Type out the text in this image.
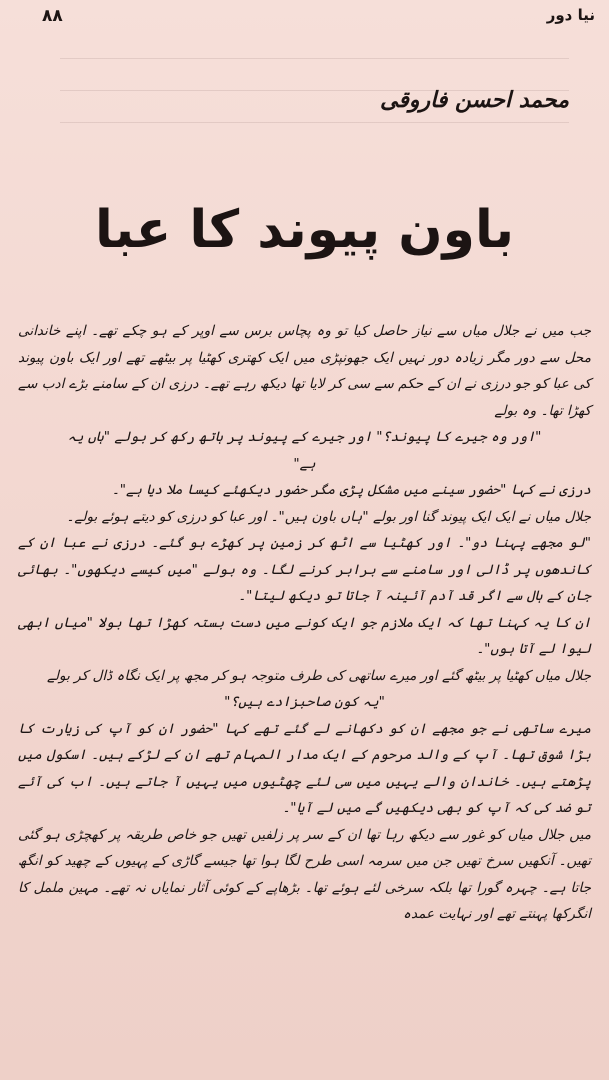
۸۸	نیا دور
محمد احسن فاروقی
باون پیوند کا عبا

جب میں نے جلال میاں سے نیاز حاصل کیا تو وہ پچاس برس سے اوپر کے ہو چکے تھے۔ اپنے خاندانی محل سے دور مگر زیادہ دور نہیں ایک جھونپڑی میں ایک کھتری کھٹیا پر بیٹھے تھے اور ایک باون پیوند کی عبا کو جو درزی نے ان کے حکم سے سی کر لایا تھا دیکھ رہے تھے۔ درزی ان کے سامنے بڑے ادب سے کھڑا تھا۔ وہ بولے

"اور وہ جیرے کا پیوند؟" اور جیرے کے پیوند پر ہاتھ رکھ کر بولے "ہاں یہ ہے"

درزی نے کہا "حضور سینے میں مشکل پڑی مگر حضور دیکھئے کیسا ملا دیا ہے"۔

جلال میاں نے ایک ایک پیوند گنا اور بولے "ہاں باون ہیں"۔ اور عبا کو درزی کو دیتے ہوئے بولے۔

"لو مجھے پہنا دو"۔ اور کھٹیا سے اٹھ کر زمین پر کھڑے ہو گئے۔ درزی نے عبا ان کے کاندھوں پر ڈالی اور سامنے سے برابر کرنے لگا۔ وہ بولے "میں کیسے دیکھوں"۔ بھائی جان کے ہال سے اگر قد آدم آئینہ آ جاتا تو دیکھ لیتا"۔

ان کا یہ کہنا تھا کہ ایک ملازم جو ایک کونے میں دست بستہ کھڑا تھا بولا "میاں ابھی لیوا لے آتا ہوں"۔

جلال میاں کھٹیا پر بیٹھ گئے اور میرے ساتھی کی طرف متوجہ ہو کر مجھ پر ایک نگاہ ڈال کر بولے

"یہ کون صاحبزادے ہیں؟"

میرے ساتھی نے جو مجھے ان کو دکھانے لے گئے تھے کہا "حضور ان کو آپ کی زیارت کا بڑا شوق تھا۔ آپ کے والد مرحوم کے ایک مدار المہام تھے ان کے لڑکے ہیں۔ اسکول میں پڑھتے ہیں۔ خاندان والے یہیں میں سی لئے چھٹیوں میں یہیں آ جاتے ہیں۔ اب کی آئے تو ضد کی کہ آپ کو بھی دیکھیں گے میں لے آیا"۔

میں جلال میاں کو غور سے دیکھ رہا تھا ان کے سر پر زلفیں تھیں جو خاص طریقہ پر کھچڑی ہو گئی تھیں۔ آنکھیں سرخ تھیں جن میں سرمہ اسی طرح لگا ہوا تھا جیسے گاڑی کے پہیوں کے چھید کو انگھ جاتا ہے۔ چہرہ گورا تھا بلکہ سرخی لئے ہوئے تھا۔ بڑھاپے کے کوئی آثار نمایاں نہ تھے۔ مہین ململ کا انگرکھا پہنتے تھے اور نہایت عمدہ
